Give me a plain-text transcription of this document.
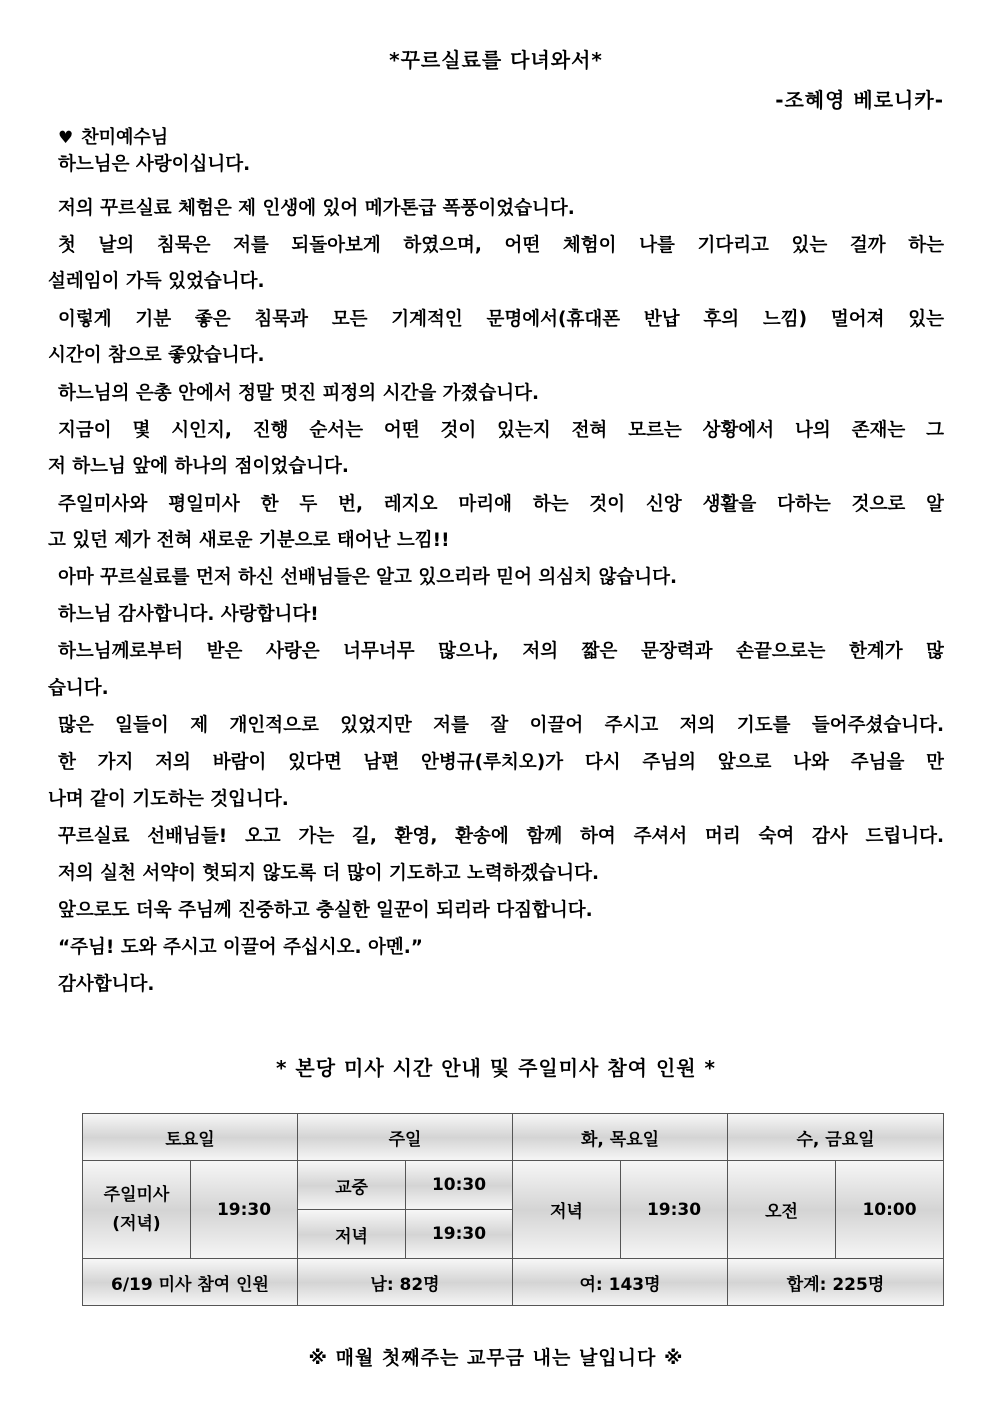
*꾸르실료를 다녀와서*
-조혜영 베로니카-
♥ 찬미예수님
하느님은 사랑이십니다.
저의 꾸르실료 체험은 제 인생에 있어 메가톤급 폭풍이었습니다.
첫 날의 침묵은 저를 되돌아보게 하였으며, 어떤 체험이 나를 기다리고 있는 걸까 하는
설레임이 가득 있었습니다.
이렇게 기분 좋은 침묵과 모든 기계적인 문명에서(휴대폰 반납 후의 느낌) 멀어져 있는
시간이 참으로 좋았습니다.
하느님의 은총 안에서 정말 멋진 피정의 시간을 가졌습니다.
지금이 몇 시인지, 진행 순서는 어떤 것이 있는지 전혀 모르는 상황에서 나의 존재는 그
저 하느님 앞에 하나의 점이었습니다.
주일미사와 평일미사 한 두 번, 레지오 마리애 하는 것이 신앙 생활을 다하는 것으로 알
고 있던 제가 전혀 새로운 기분으로 태어난 느낌!!
아마 꾸르실료를 먼저 하신 선배님들은 알고 있으리라 믿어 의심치 않습니다.
하느님 감사합니다. 사랑합니다!
하느님께로부터 받은 사랑은 너무너무 많으나, 저의 짧은 문장력과 손끝으로는 한계가 많
습니다.
많은 일들이 제 개인적으로 있었지만 저를 잘 이끌어 주시고 저의 기도를 들어주셨습니다.
한 가지 저의 바람이 있다면 남편 안병규(루치오)가 다시 주님의 앞으로 나와 주님을 만
나며 같이 기도하는 것입니다.
꾸르실료 선배님들! 오고 가는 길, 환영, 환송에 함께 하여 주셔서 머리 숙여 감사 드립니다.
저의 실천 서약이 헛되지 않도록 더 많이 기도하고 노력하겠습니다.
앞으로도 더욱 주님께 진중하고 충실한 일꾼이 되리라 다짐합니다.
“주님! 도와 주시고 이끌어 주십시오. 아멘.”
감사합니다.
* 본당 미사 시간 안내 및 주일미사 참여 인원 *
토요일		주일		화, 목요일		수, 금요일	
주일미사
(저녁)	19:30	교중	10:30	저녁	19:30	오전	10:00
		저녁	19:30				
6/19 미사 참여 인원		남: 82명		여: 143명		합계: 225명	
※ 매월 첫째주는 교무금 내는 날입니다 ※
